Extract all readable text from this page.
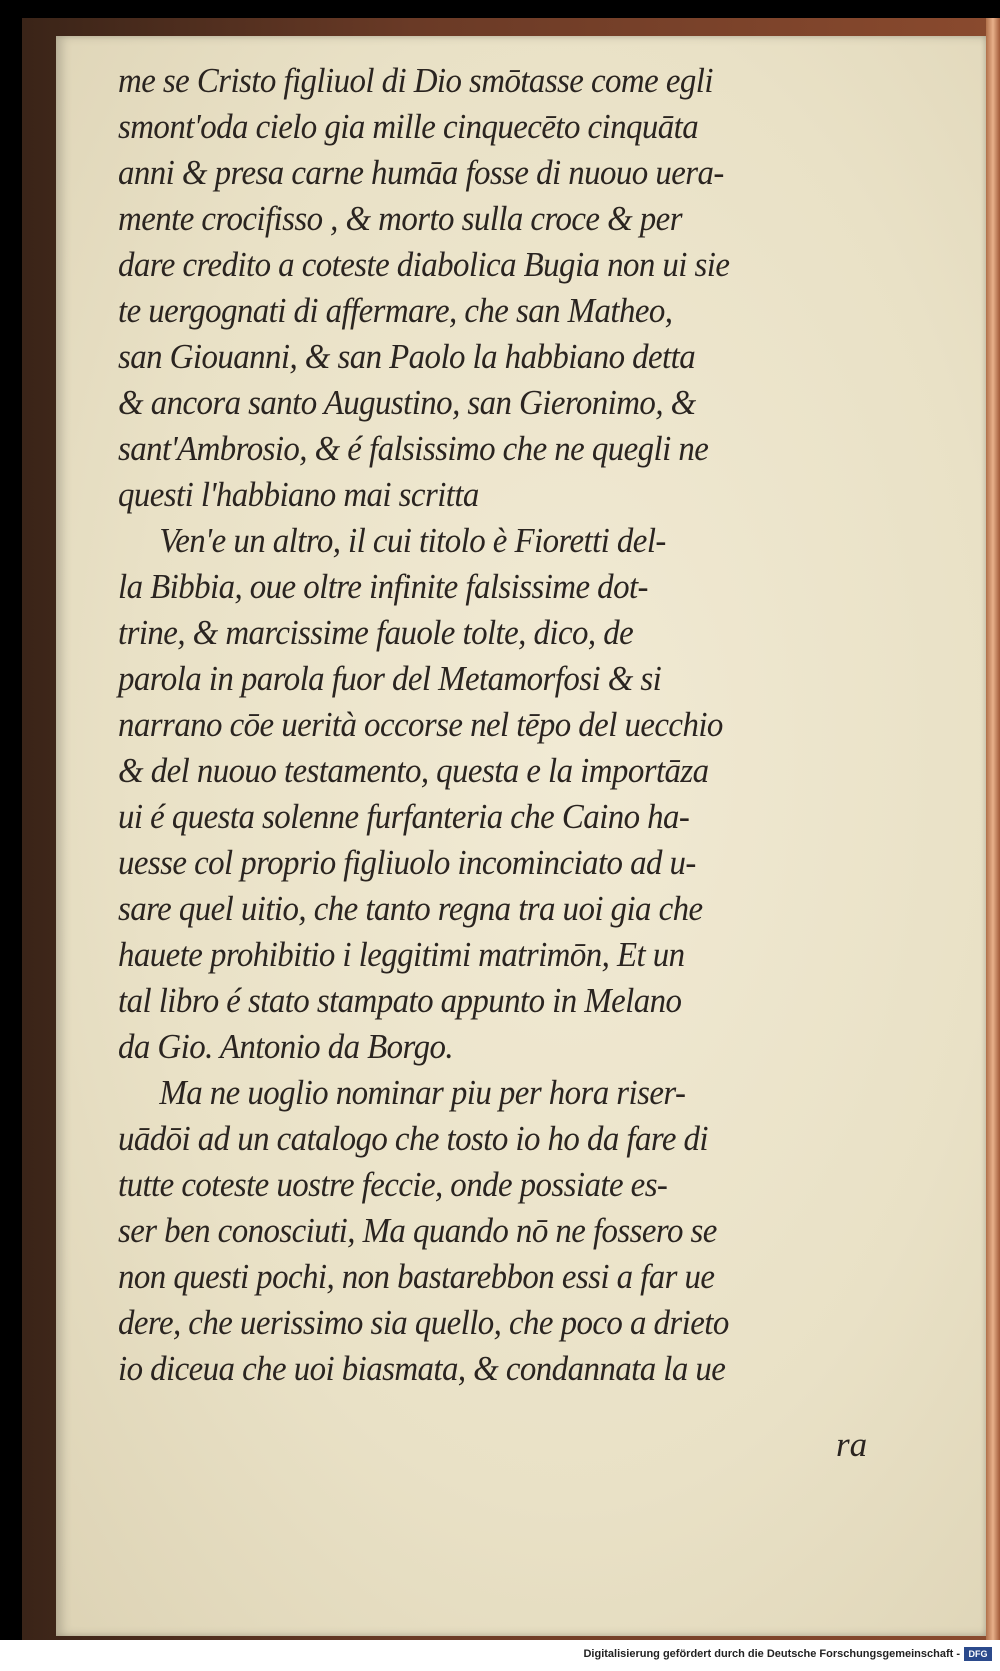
me se Cristo figliuol di Dio smōtasse come egli
smont'oda cielo gia mille cinquecēto cinquāta
anni & presa carne humāa fosse di nuouo uera-
mente crocifisso , & morto sulla croce & per
dare credito a coteste diabolica Bugia non ui sie
te uergognati di affermare, che san Matheo,
san Giouanni, & san Paolo la habbiano detta
& ancora santo Augustino, san Gieronimo, &
sant'Ambrosio, & é falsissimo che ne quegli ne
questi l'habbiano mai scritta
Ven'e un altro, il cui titolo è Fioretti del-
la Bibbia, oue oltre infinite falsissime dot-
trine, & marcissime fauole tolte, dico, de
parola in parola fuor del Metamorfosi & si
narrano cōe uerità occorse nel tēpo del uecchio
& del nuouo testamento, questa e la importāza
ui é questa solenne furfanteria che Caino ha-
uesse col proprio figliuolo incominciato ad u-
sare quel uitio, che tanto regna tra uoi gia che
hauete prohibitio i leggitimi matrimōn, Et un
tal libro é stato stampato appunto in Melano
da Gio. Antonio da Borgo.
Ma ne uoglio nominar piu per hora riser-
uādōi ad un catalogo che tosto io ho da fare di
tutte coteste uostre feccie, onde possiate es-
ser ben conosciuti, Ma quando nō ne fossero se
non questi pochi, non bastarebbon essi a far ue
dere, che uerissimo sia quello, che poco a drieto
io diceua che uoi biasmata, & condannata la ue
ra
Digitalisierung gefördert durch die Deutsche Forschungsgemeinschaft - DFG
